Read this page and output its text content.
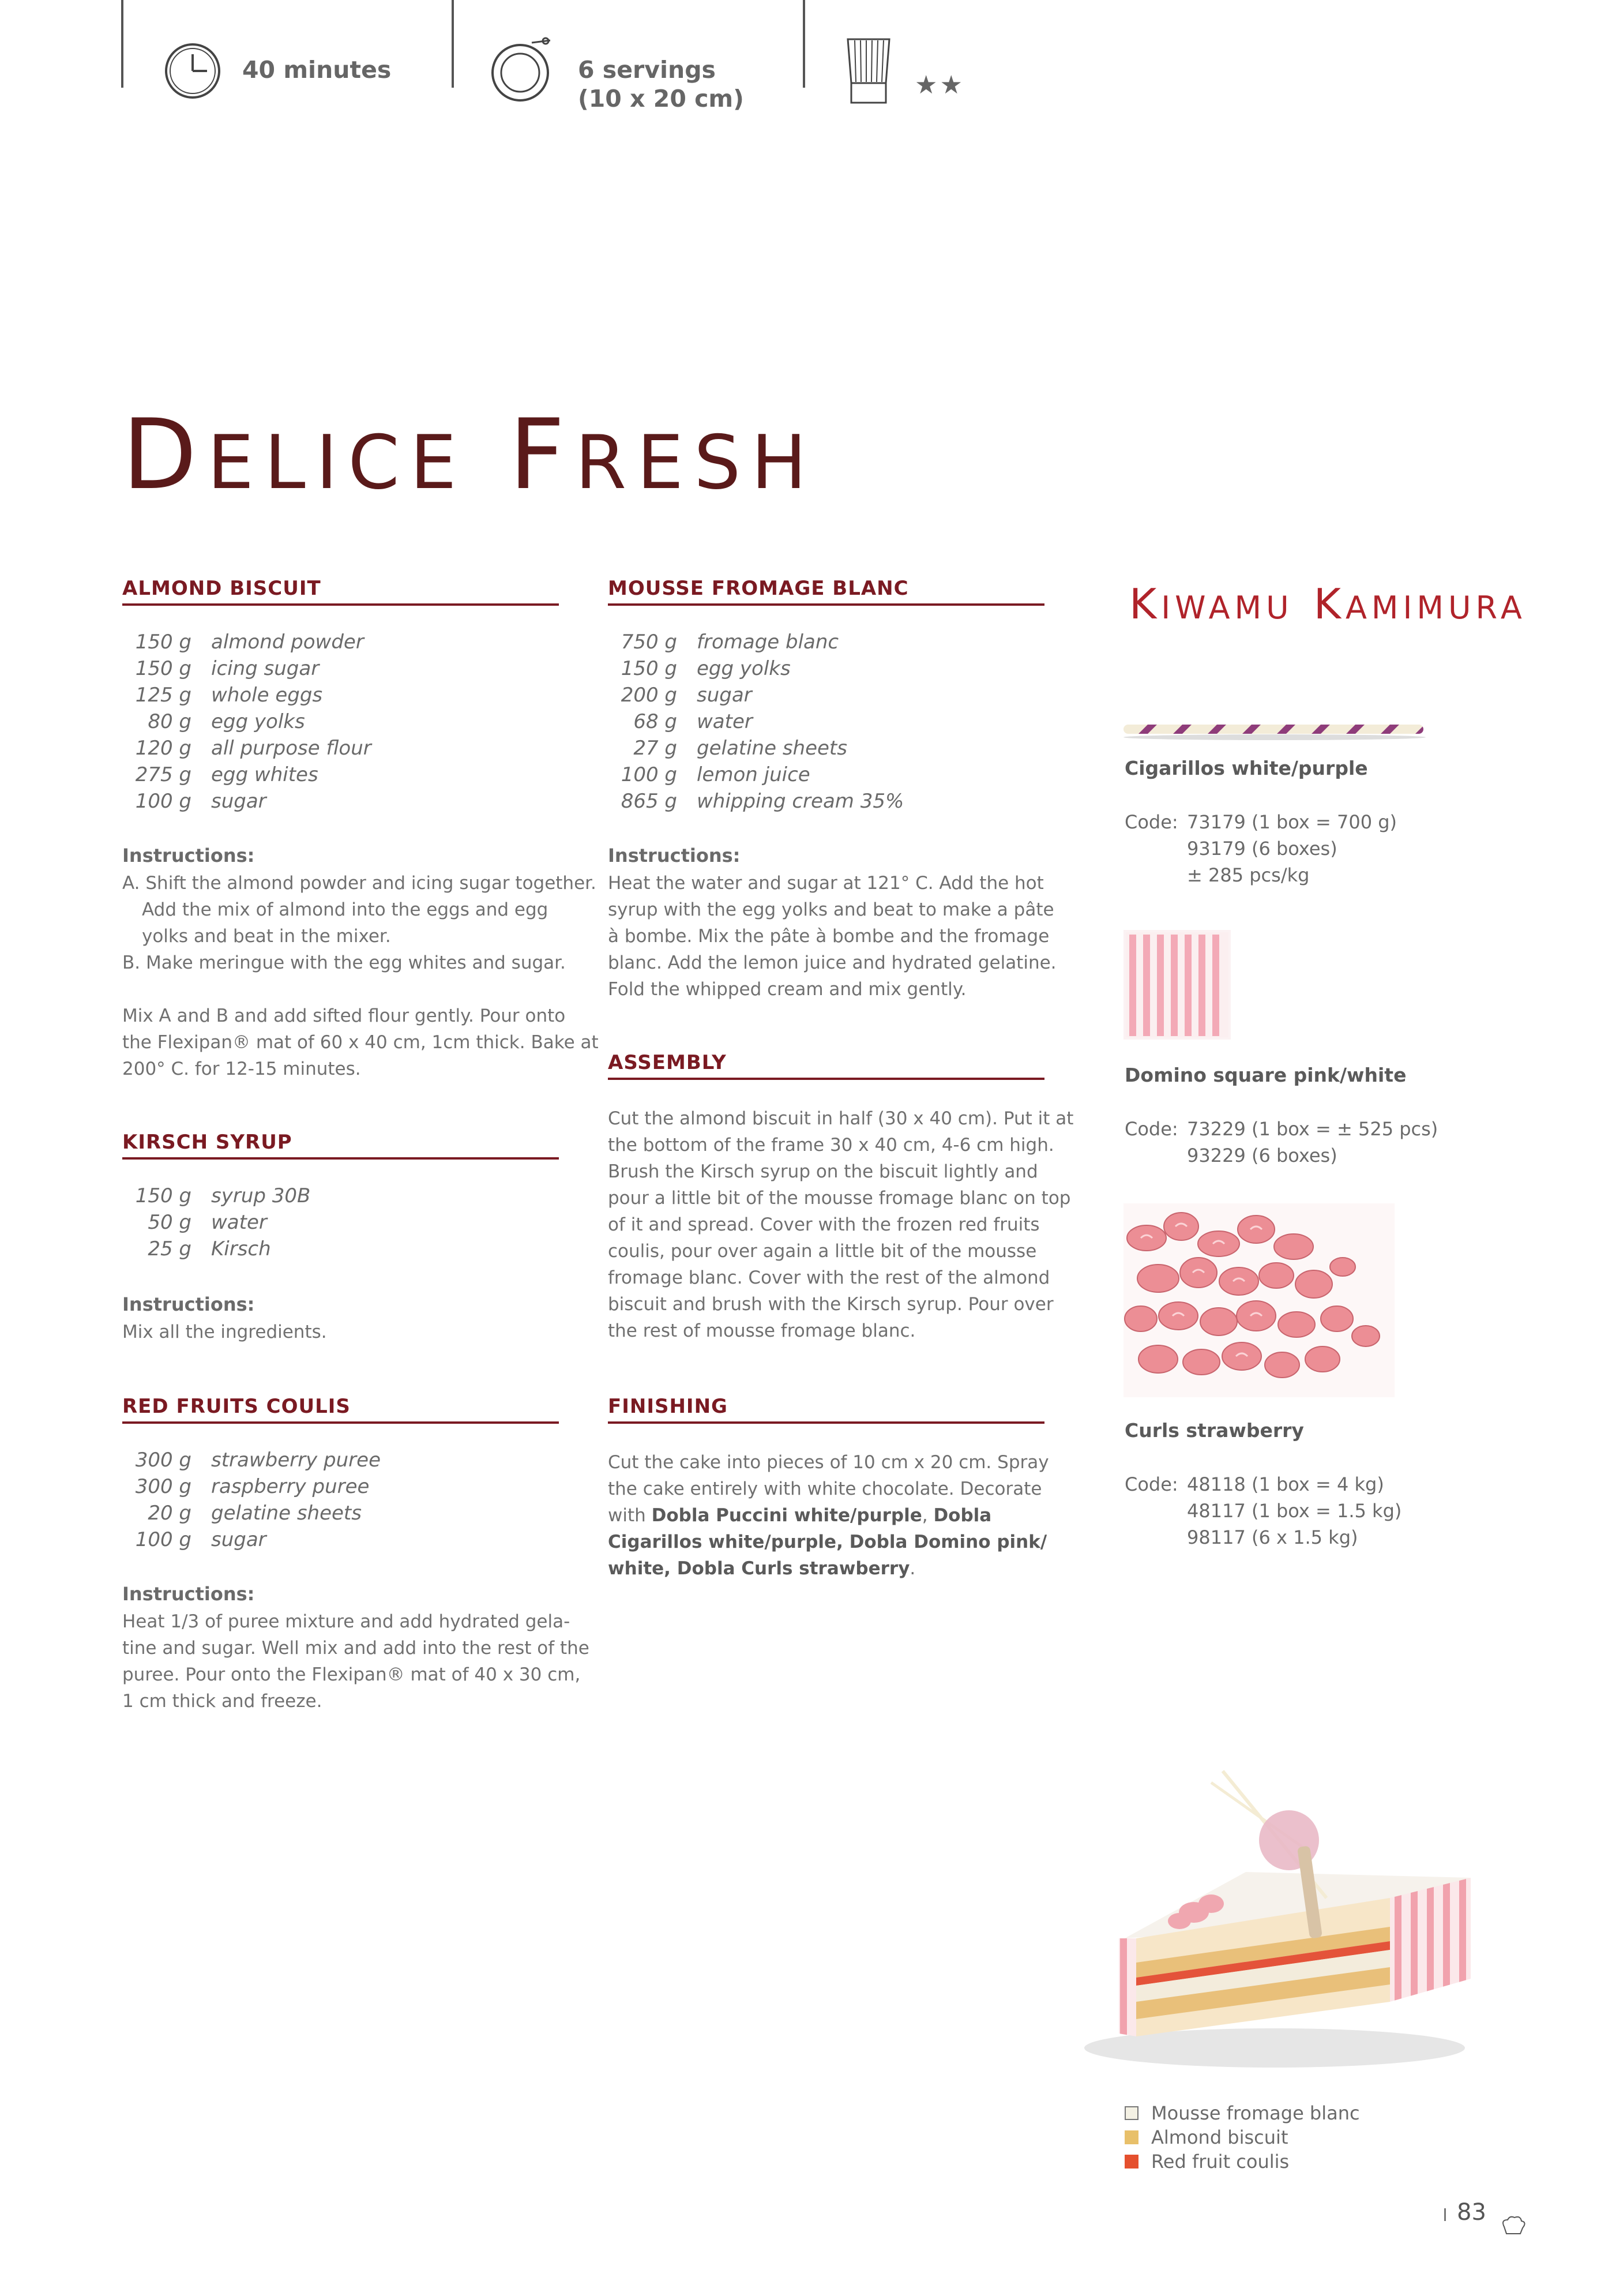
40 minutes	6 servings
(10 x 20 cm)	★★
DELICE FRESH
ALMOND BISCUIT
150 g almond powder
150 g icing sugar
125 g whole eggs
80 g egg yolks
120 g all purpose flour
275 g egg whites
100 g sugar
Instructions:
A. Shift the almond powder and icing sugar together.
Add the mix of almond into the eggs and egg
yolks and beat in the mixer.
B. Make meringue with the egg whites and sugar.
Mix A and B and add sifted flour gently. Pour onto
the Flexipan® mat of 60 x 40 cm, 1cm thick. Bake at
200° C. for 12-15 minutes.
KIRSCH SYRUP
150 g syrup 30B
50 g water
25 g Kirsch
Instructions:
Mix all the ingredients.
RED FRUITS COULIS
300 g strawberry puree
300 g raspberry puree
20 g gelatine sheets
100 g sugar
Instructions:
Heat 1/3 of puree mixture and add hydrated gela-
tine and sugar. Well mix and add into the rest of the
puree. Pour onto the Flexipan® mat of 40 x 30 cm,
1 cm thick and freeze.
MOUSSE FROMAGE BLANC
750 g fromage blanc
150 g egg yolks
200 g sugar
68 g water
27 g gelatine sheets
100 g lemon juice
865 g whipping cream 35%
Instructions:
Heat the water and sugar at 121° C. Add the hot
syrup with the egg yolks and beat to make a pâte
à bombe. Mix the pâte à bombe and the fromage
blanc. Add the lemon juice and hydrated gelatine.
Fold the whipped cream and mix gently.
ASSEMBLY
Cut the almond biscuit in half (30 x 40 cm). Put it at
the bottom of the frame 30 x 40 cm, 4-6 cm high.
Brush the Kirsch syrup on the biscuit lightly and
pour a little bit of the mousse fromage blanc on top
of it and spread. Cover with the frozen red fruits
coulis, pour over again a little bit of the mousse
fromage blanc. Cover with the rest of the almond
biscuit and brush with the Kirsch syrup. Pour over
the rest of mousse fromage blanc.
FINISHING
Cut the cake into pieces of 10 cm x 20 cm. Spray
the cake entirely with white chocolate. Decorate
with Dobla Puccini white/purple, Dobla
Cigarillos white/purple, Dobla Domino pink/
white, Dobla Curls strawberry.
KIWAMU KAMIMURA
Cigarillos white/purple
Code: 73179 (1 box = 700 g)
93179 (6 boxes)
± 285 pcs/kg
Domino square pink/white
Code: 73229 (1 box = ± 525 pcs)
93229 (6 boxes)
Curls strawberry
Code: 48118 (1 box = 4 kg)
48117 (1 box = 1.5 kg)
98117 (6 x 1.5 kg)
Mousse fromage blanc
Almond biscuit
Red fruit coulis
83
